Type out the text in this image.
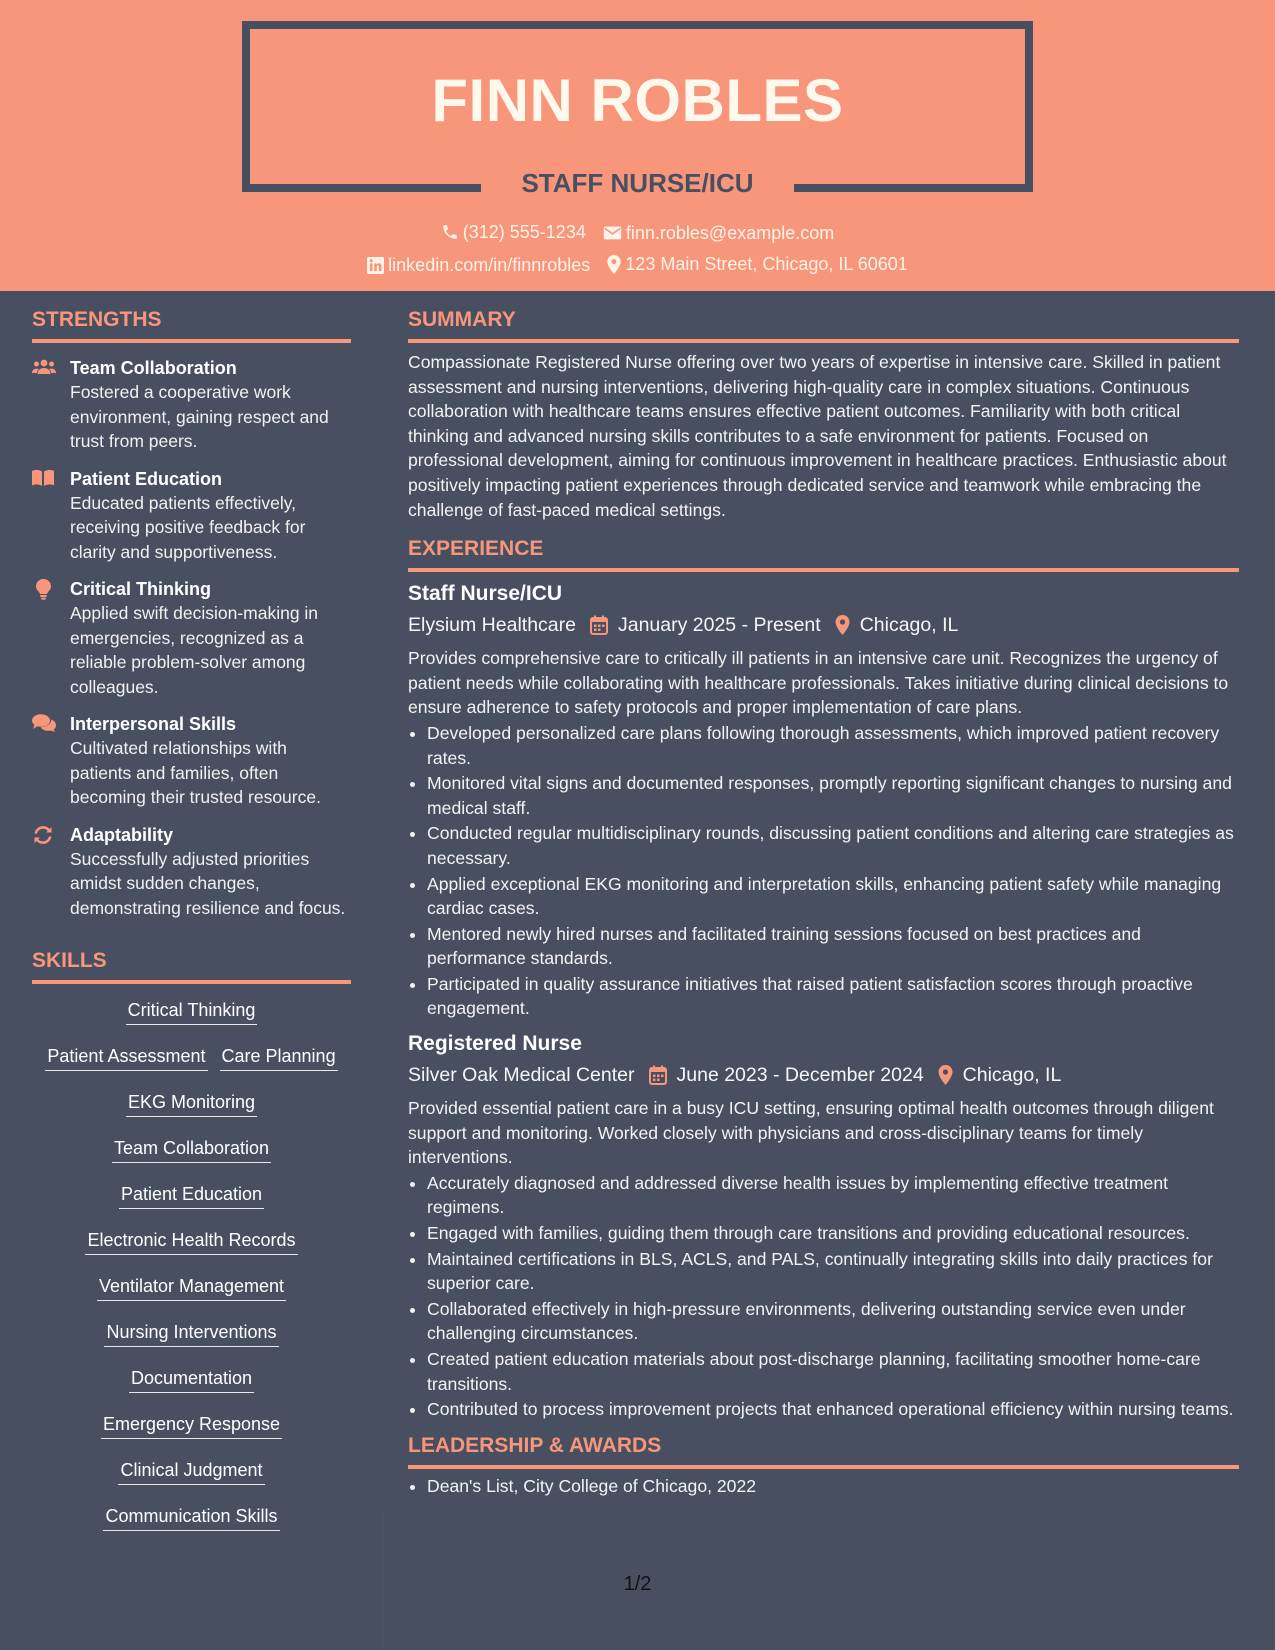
FINN ROBLES
STAFF NURSE/ICU
(312) 555-1234
finn.robles@example.com
linkedin.com/in/finnrobles
123 Main Street, Chicago, IL 60601
STRENGTHS
Team Collaboration
Fostered a cooperative work environment, gaining respect and trust from peers.
Patient Education
Educated patients effectively, receiving positive feedback for clarity and supportiveness.
Critical Thinking
Applied swift decision-making in emergencies, recognized as a reliable problem-solver among colleagues.
Interpersonal Skills
Cultivated relationships with patients and families, often becoming their trusted resource.
Adaptability
Successfully adjusted priorities amidst sudden changes, demonstrating resilience and focus.
SKILLS
Critical Thinking
Patient Assessment Care Planning
EKG Monitoring
Team Collaboration
Patient Education
Electronic Health Records
Ventilator Management
Nursing Interventions
Documentation
Emergency Response
Clinical Judgment
Communication Skills
SUMMARY

Compassionate Registered Nurse offering over two years of expertise in intensive care. Skilled in patient assessment and nursing interventions, delivering high-quality care in complex situations. Continuous collaboration with healthcare teams ensures effective patient outcomes. Familiarity with both critical thinking and advanced nursing skills contributes to a safe environment for patients. Focused on professional development, aiming for continuous improvement in healthcare practices. Enthusiastic about positively impacting patient experiences through dedicated service and teamwork while embracing the challenge of fast-paced medical settings.

EXPERIENCE
Staff Nurse/ICU
Elysium Healthcare January 2025 - Present Chicago, IL

Provides comprehensive care to critically ill patients in an intensive care unit. Recognizes the urgency of patient needs while collaborating with healthcare professionals. Takes initiative during clinical decisions to ensure adherence to safety protocols and proper implementation of care plans.

• Developed personalized care plans following thorough assessments, which improved patient recovery rates.
• Monitored vital signs and documented responses, promptly reporting significant changes to nursing and medical staff.
• Conducted regular multidisciplinary rounds, discussing patient conditions and altering care strategies as necessary.
• Applied exceptional EKG monitoring and interpretation skills, enhancing patient safety while managing cardiac cases.
• Mentored newly hired nurses and facilitated training sessions focused on best practices and performance standards.
• Participated in quality assurance initiatives that raised patient satisfaction scores through proactive engagement.
Registered Nurse
Silver Oak Medical Center June 2023 - December 2024 Chicago, IL

Provided essential patient care in a busy ICU setting, ensuring optimal health outcomes through diligent support and monitoring. Worked closely with physicians and cross-disciplinary teams for timely interventions.

• Accurately diagnosed and addressed diverse health issues by implementing effective treatment regimens.
• Engaged with families, guiding them through care transitions and providing educational resources.
• Maintained certifications in BLS, ACLS, and PALS, continually integrating skills into daily practices for superior care.
• Collaborated effectively in high-pressure environments, delivering outstanding service even under challenging circumstances.
• Created patient education materials about post-discharge planning, facilitating smoother home-care transitions.
• Contributed to process improvement projects that enhanced operational efficiency within nursing teams.
LEADERSHIP & AWARDS
• Dean's List, City College of Chicago, 2022
1/2
